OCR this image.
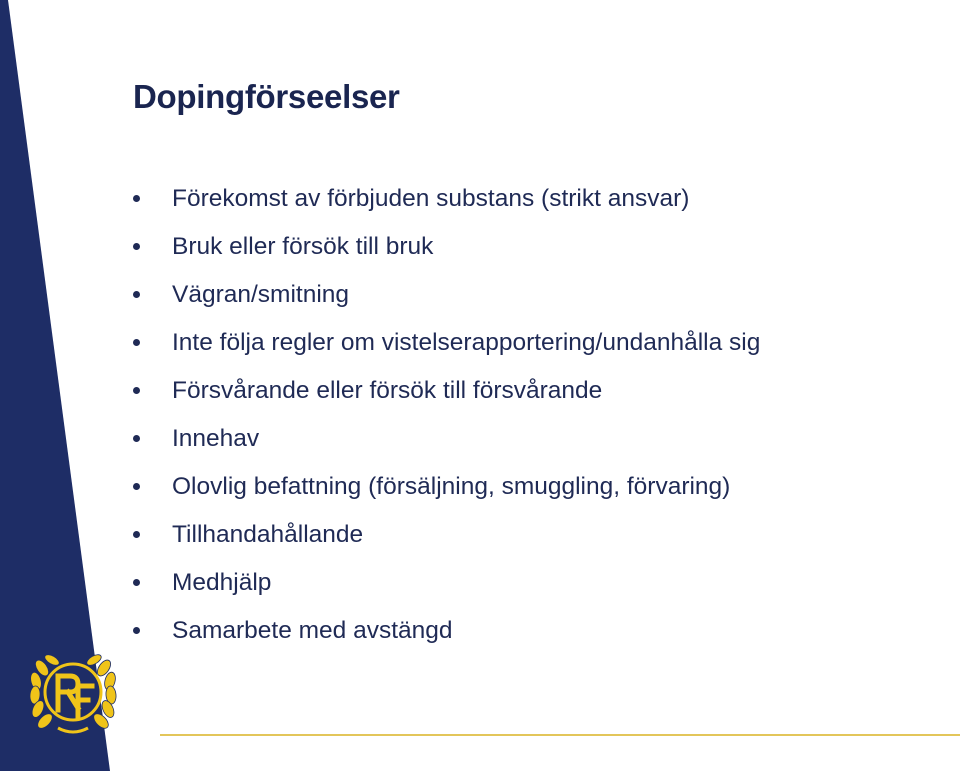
Dopingförseelser
Förekomst av förbjuden substans (strikt ansvar)
Bruk eller försök till bruk
Vägran/smitning
Inte följa regler om vistelserapportering/undanhålla sig
Försvårande eller försök till försvårande
Innehav
Olovlig befattning (försäljning, smuggling, förvaring)
Tillhandahållande
Medhjälp
Samarbete med avstängd
